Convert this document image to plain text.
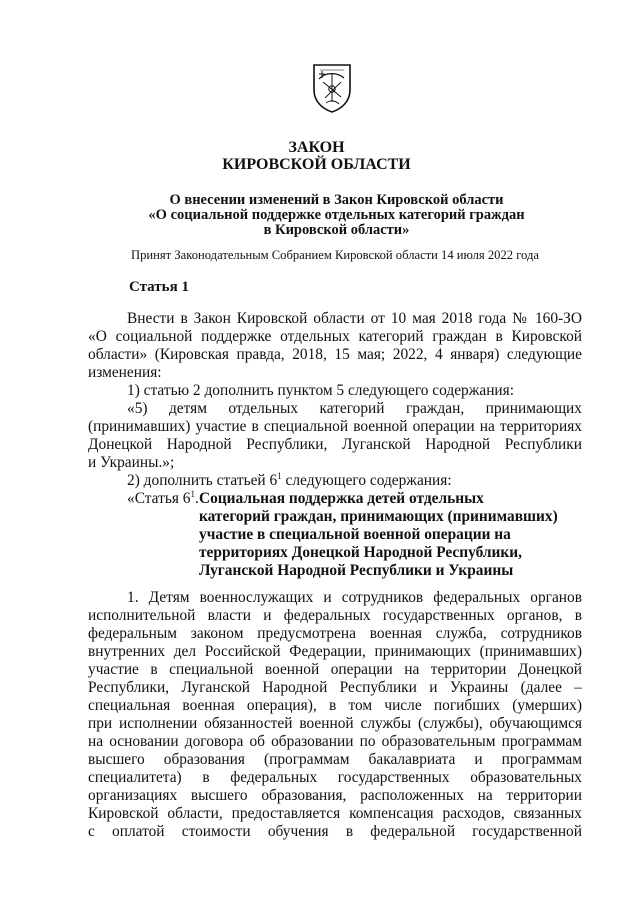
ЗАКОН
КИРОВСКОЙ ОБЛАСТИ
О внесении изменений в Закон Кировской области
«О социальной поддержке отдельных категорий граждан
в Кировской области»
Принят Законодательным Собранием Кировской области 14 июля 2022 года
Статья 1
Внести в Закон Кировской области от 10 мая 2018 года № 160-ЗО
«О социальной поддержке отдельных категорий граждан в Кировской
области» (Кировская правда, 2018, 15 мая; 2022, 4 января) следующие
изменения:
1) статью 2 дополнить пунктом 5 следующего содержания:
«5) детям отдельных категорий граждан, принимающих
(принимавших) участие в специальной военной операции на территориях
Донецкой Народной Республики, Луганской Народной Республики
и Украины.»;
2) дополнить статьей $6^1$ следующего содержания:
«Статья $6^1$. Социальная поддержка детей отдельных
категорий граждан, принимающих (принимавших)
участие в специальной военной операции на
территориях Донецкой Народной Республики,
Луганской Народной Республики и Украины
1. Детям военнослужащих и сотрудников федеральных органов
исполнительной власти и федеральных государственных органов, в
федеральным законом предусмотрена военная служба, сотрудников
внутренних дел Российской Федерации, принимающих (принимавших)
участие в специальной военной операции на территории Донецкой
Республики, Луганской Народной Республики и Украины (далее –
специальная военная операция), в том числе погибших (умерших)
при исполнении обязанностей военной службы (службы), обучающимся
на основании договора об образовании по образовательным программам
высшего образования (программам бакалавриата и программам
специалитета) в федеральных государственных образовательных
организациях высшего образования, расположенных на территории
Кировской области, предоставляется компенсация расходов, связанных
с оплатой стоимости обучения в федеральной государственной
